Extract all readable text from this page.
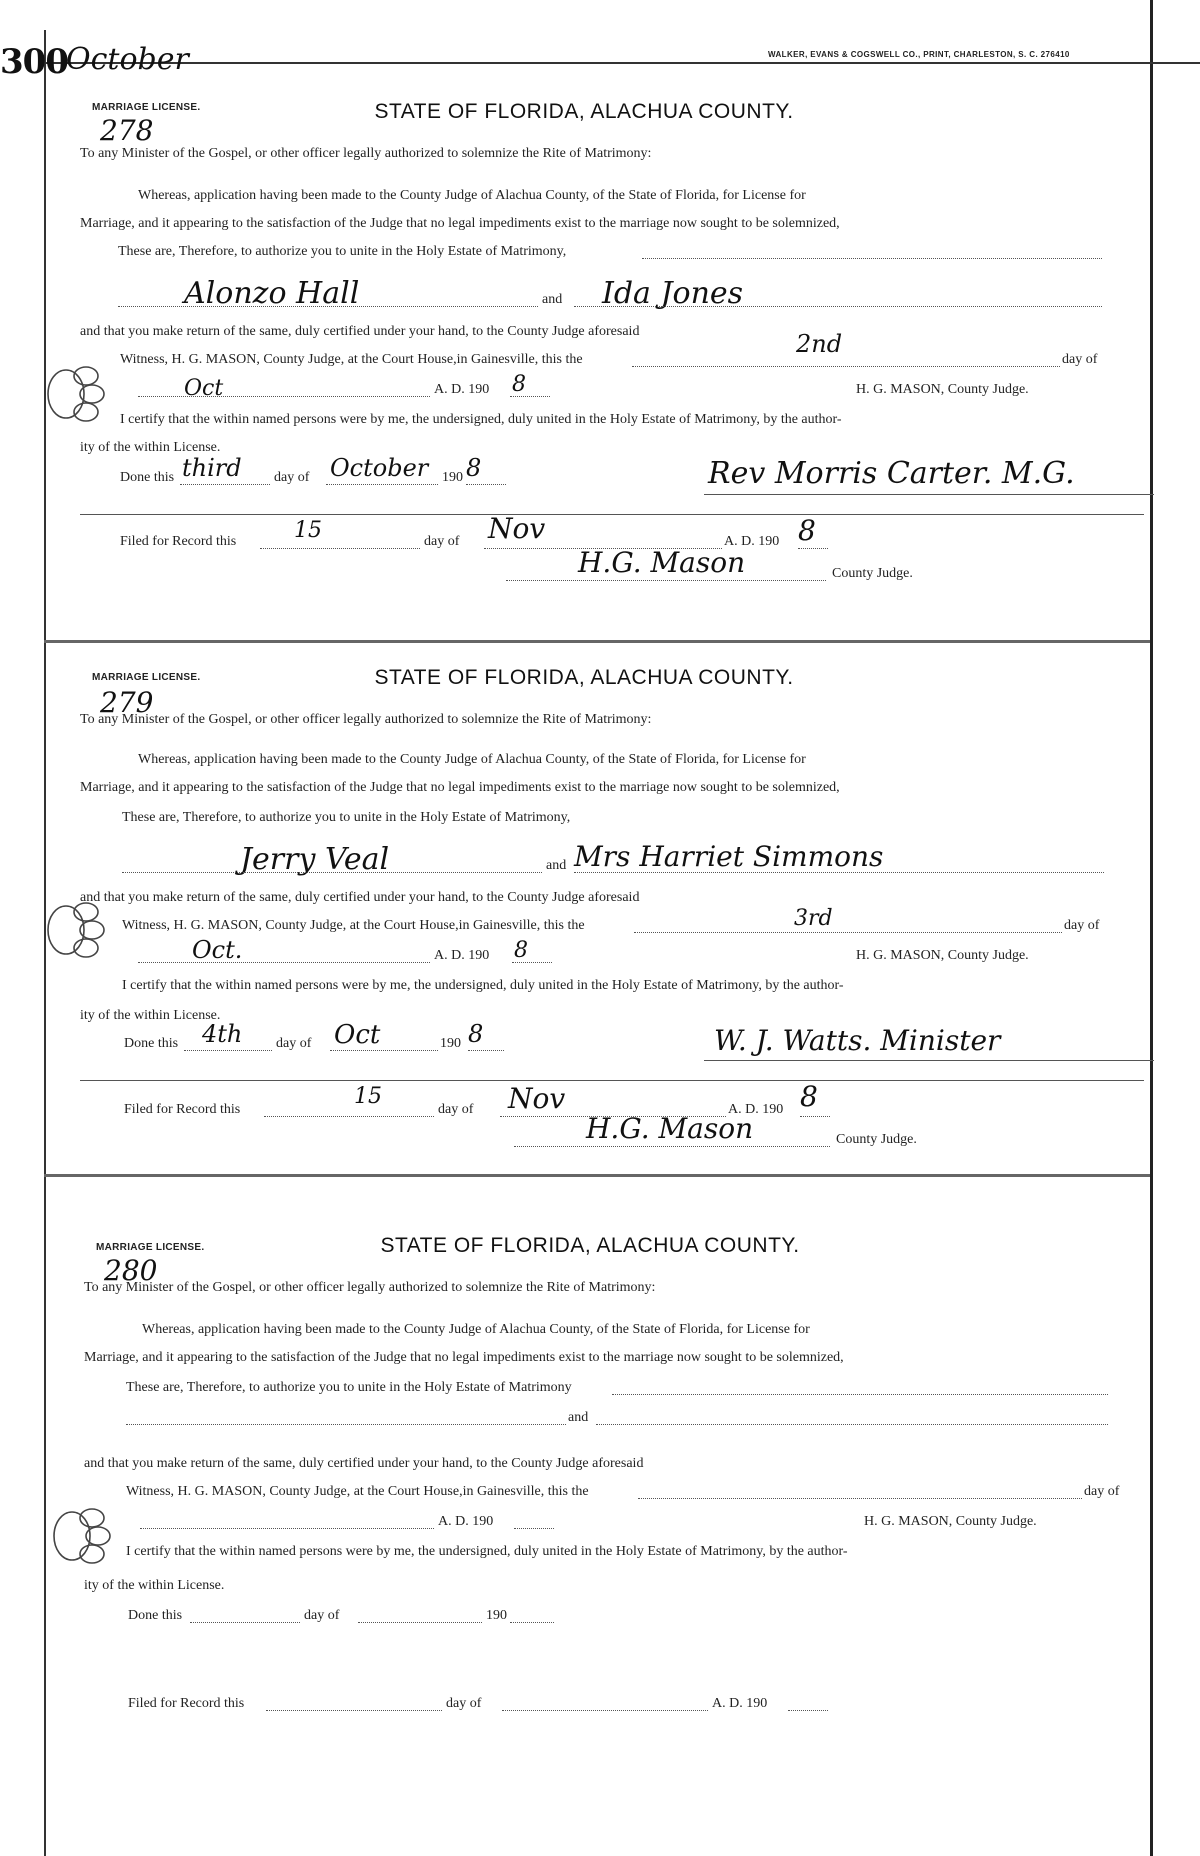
300
October	WALKER, EVANS & COGSWELL CO., PRINT, CHARLESTON, S. C. 276410
MARRIAGE LICENSE.
278
STATE OF FLORIDA, ALACHUA COUNTY.
To any Minister of the Gospel, or other officer legally authorized to solemnize the Rite of Matrimony:
Whereas, application having been made to the County Judge of Alachua County, of the State of Florida, for License for
Marriage, and it appearing to the satisfaction of the Judge that no legal impediments exist to the marriage now sought to be solemnized,
These are, Therefore, to authorize you to unite in the Holy Estate of Matrimony,
Alonzo Hall	and Ida Jones
and that you make return of the same, duly certified under your hand, to the County Judge aforesaid
Witness, H. G. MASON, County Judge, at the Court House,in Gainesville, this the
2nd
day of
Oct	A. D. 190 8	H. G. MASON, County Judge.
I certify that the within named persons were by me, the undersigned, duly united in the Holy Estate of Matrimony, by the author-
ity of the within License.
Done this third day of October 190 8	Rev Morris Carter. M.G.
Filed for Record this	15	day of Nov	A. D. 190 8
H.G. Mason	County Judge.
MARRIAGE LICENSE.
279
STATE OF FLORIDA, ALACHUA COUNTY.
To any Minister of the Gospel, or other officer legally authorized to solemnize the Rite of Matrimony:
Whereas, application having been made to the County Judge of Alachua County, of the State of Florida, for License for
Marriage, and it appearing to the satisfaction of the Judge that no legal impediments exist to the marriage now sought to be solemnized,
These are, Therefore, to authorize you to unite in the Holy Estate of Matrimony,
Jerry Veal	and Mrs Harriet Simmons
and that you make return of the same, duly certified under your hand, to the County Judge aforesaid
Witness, H. G. MASON, County Judge, at the Court House,in Gainesville, this the	3rd	day of
Oct.	A. D. 190 8	H. G. MASON, County Judge.
I certify that the within named persons were by me, the undersigned, duly united in the Holy Estate of Matrimony, by the author-
ity of the within License.
Done this 4th day of Oct	190 8	W. J. Watts. Minister
Filed for Record this
15
day of Nov	A. D. 190 8
H.G. Mason	County Judge.
MARRIAGE LICENSE.
280
STATE OF FLORIDA, ALACHUA COUNTY.
To any Minister of the Gospel, or other officer legally authorized to solemnize the Rite of Matrimony:
Whereas, application having been made to the County Judge of Alachua County, of the State of Florida, for License for
Marriage, and it appearing to the satisfaction of the Judge that no legal impediments exist to the marriage now sought to be solemnized,
These are, Therefore, to authorize you to unite in the Holy Estate of Matrimony
and
and that you make return of the same, duly certified under your hand, to the County Judge aforesaid
Witness, H. G. MASON, County Judge, at the Court House,in Gainesville, this the	day of
A. D. 190	H. G. MASON, County Judge.
I certify that the within named persons were by me, the undersigned, duly united in the Holy Estate of Matrimony, by the author-
ity of the within License.
Done this	day of	190
Filed for Record this	day of	A. D. 190
